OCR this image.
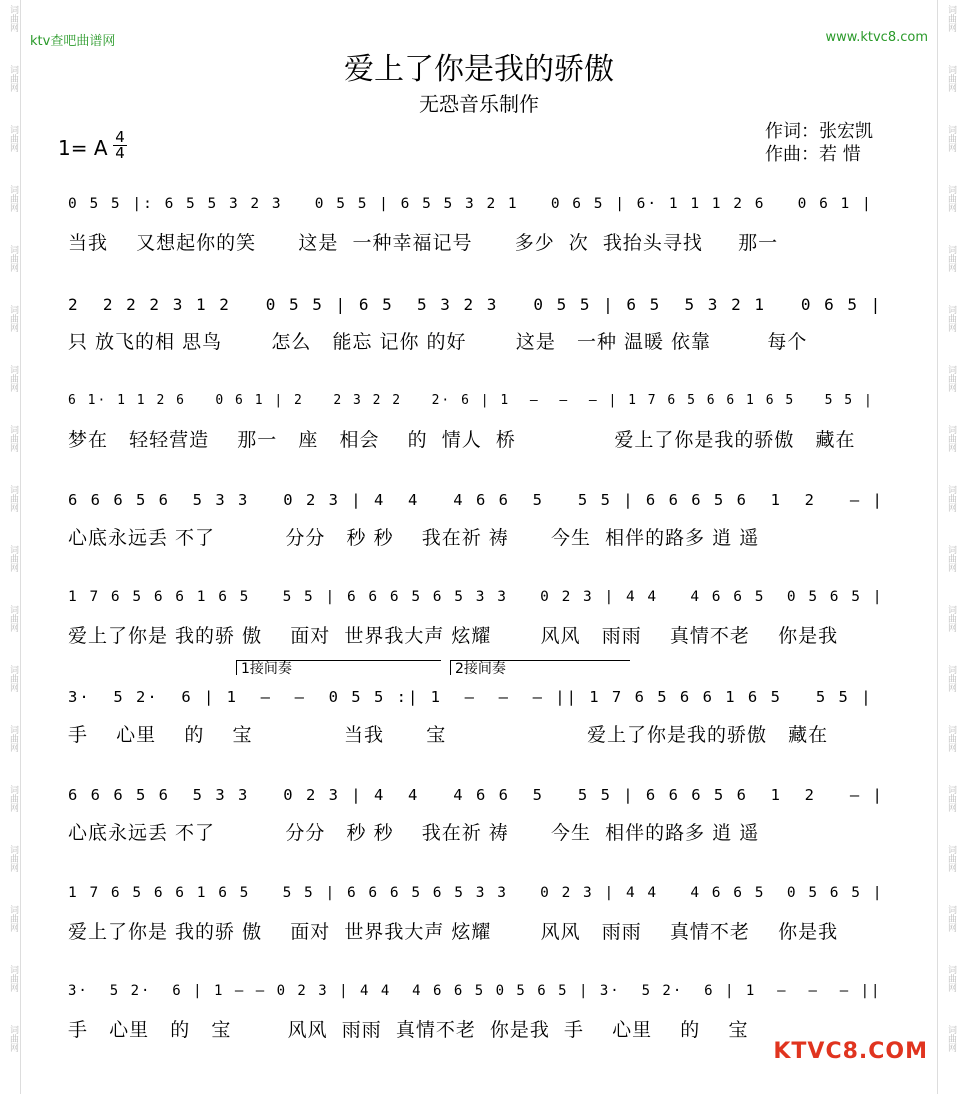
词曲网
词曲网
词曲网
词曲网
词曲网
词曲网
词曲网
词曲网
词曲网
词曲网
词曲网
词曲网
词曲网
词曲网
词曲网
词曲网
词曲网
词曲网
词曲网
词曲网
词曲网
词曲网
词曲网
词曲网
词曲网
词曲网
词曲网
词曲网
词曲网
词曲网
词曲网
词曲网
词曲网
词曲网
词曲网
词曲网
ktv查吧曲谱网	www.ktvc8.com
爱上了你是我的骄傲
无恐音乐制作
1= A 4
4
作词：张宏凯
作曲：若 惜
0 5 5 |: 6 5 5 3 2 3   0 5 5 | 6 5 5 3 2 1   0 6 5 | 6· 1 1 1 2 6   0 6 1 |
当我    又想起你的笑      这是  一种幸福记号      多少  次  我抬头寻找     那一
2  2 2 2 3 1 2   0 5 5 | 6 5  5 3 2 3   0 5 5 | 6 5  5 3 2 1   0 6 5 |
只 放飞的相 思鸟       怎么   能忘 记你 的好       这是   一种 温暖 依靠        每个
6 1· 1 1 2 6   0 6 1 | 2   2 3 2 2   2· 6 | 1  —  —  — | 1 7 6 5 6 6 1 6 5   5 5 |
梦在   轻轻营造    那一   座   相会    的  情人  桥              爱上了你是我的骄傲   藏在
6 6 6 5 6  5 3 3   0 2 3 | 4  4   4 6 6  5   5 5 | 6 6 6 5 6  1  2   — |
心底永远丢 不了          分分   秒 秒    我在祈 祷      今生  相伴的路多 逍 遥
1 7 6 5 6 6 1 6 5   5 5 | 6 6 6 5 6 5 3 3   0 2 3 | 4 4   4 6 6 5  0 5 6 5 |
爱上了你是 我的骄 傲    面对  世界我大声 炫耀       风风   雨雨    真情不老    你是我
3·  5 2·  6 | 1  —  —  0 5 5 :| 1  —  —  — || 1 7 6 5 6 6 1 6 5   5 5 |
手    心里    的    宝             当我      宝                    爱上了你是我的骄傲   藏在
6 6 6 5 6  5 3 3   0 2 3 | 4  4   4 6 6  5   5 5 | 6 6 6 5 6  1  2   — |
心底永远丢 不了          分分   秒 秒    我在祈 祷      今生  相伴的路多 逍 遥
1 7 6 5 6 6 1 6 5   5 5 | 6 6 6 5 6 5 3 3   0 2 3 | 4 4   4 6 6 5  0 5 6 5 |
爱上了你是 我的骄 傲    面对  世界我大声 炫耀       风风   雨雨    真情不老    你是我
3·  5 2·  6 | 1 — — 0 2 3 | 4 4  4 6 6 5 0 5 6 5 | 3·  5 2·  6 | 1  —  —  — ||
手   心里   的   宝        风风  雨雨  真情不老  你是我  手    心里    的    宝
1接间奏	2接间奏
KTVC8.COM
